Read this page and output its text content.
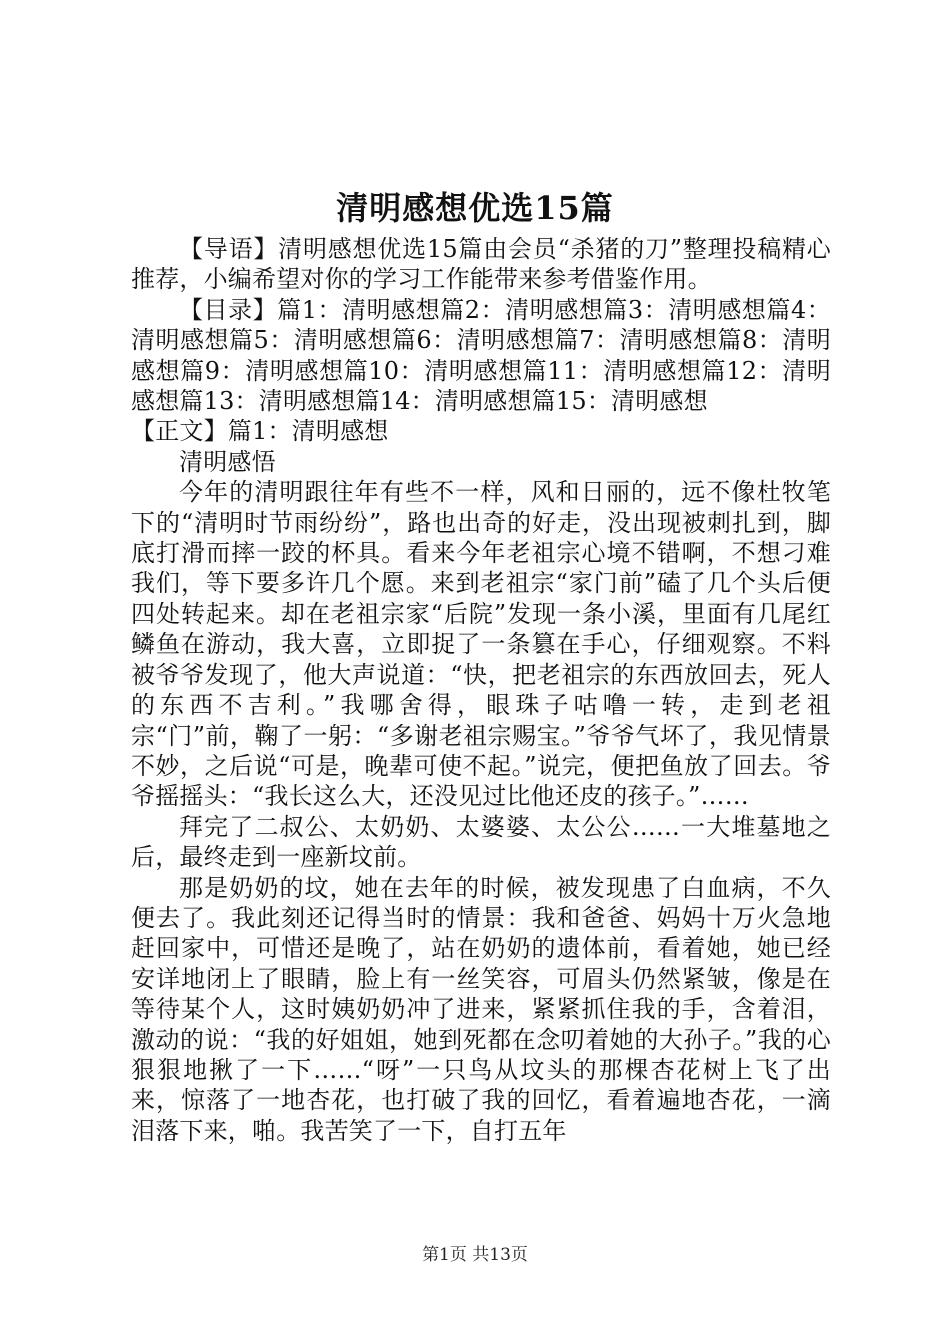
清明感想优选15篇

【导语】清明感想优选15篇由会员“杀猪的刀”整理投稿精心推荐，小编希望对你的学习工作能带来参考借鉴作用。

【目录】篇1：清明感想篇2：清明感想篇3：清明感想篇4：清明感想篇5：清明感想篇6：清明感想篇7：清明感想篇8：清明感想篇9：清明感想篇10：清明感想篇11：清明感想篇12：清明感想篇13：清明感想篇14：清明感想篇15：清明感想

【正文】篇1：清明感想

清明感悟

今年的清明跟往年有些不一样，风和日丽的，远不像杜牧笔下的“清明时节雨纷纷”，路也出奇的好走，没出现被刺扎到，脚底打滑而摔一跤的杯具。看来今年老祖宗心境不错啊，不想刁难我们，等下要多许几个愿。来到老祖宗“家门前”磕了几个头后便四处转起来。却在老祖宗家“后院”发现一条小溪，里面有几尾红鳞鱼在游动，我大喜，立即捉了一条篡在手心，仔细观察。不料被爷爷发现了，他大声说道：“快，把老祖宗的东西放回去，死人的东西不吉利。”我哪舍得，眼珠子咕噜一转，走到老祖宗“门”前，鞠了一躬：“多谢老祖宗赐宝。”爷爷气坏了，我见情景不妙，之后说“可是，晚辈可使不起。”说完，便把鱼放了回去。爷爷摇摇头：“我长这么大，还没见过比他还皮的孩子。”……

拜完了二叔公、太奶奶、太婆婆、太公公……一大堆墓地之后，最终走到一座新坟前。

那是奶奶的坟，她在去年的时候，被发现患了白血病，不久便去了。我此刻还记得当时的情景：我和爸爸、妈妈十万火急地赶回家中，可惜还是晚了，站在奶奶的遗体前，看着她，她已经安详地闭上了眼睛，脸上有一丝笑容，可眉头仍然紧皱，像是在等待某个人，这时姨奶奶冲了进来，紧紧抓住我的手，含着泪，激动的说：“我的好姐姐，她到死都在念叨着她的大孙子。”我的心狠狠地揪了一下……“呀”一只鸟从坟头的那棵杏花树上飞了出来，惊落了一地杏花，也打破了我的回忆，看着遍地杏花，一滴泪落下来，啪。我苦笑了一下，自打五年

第1页 共13页
